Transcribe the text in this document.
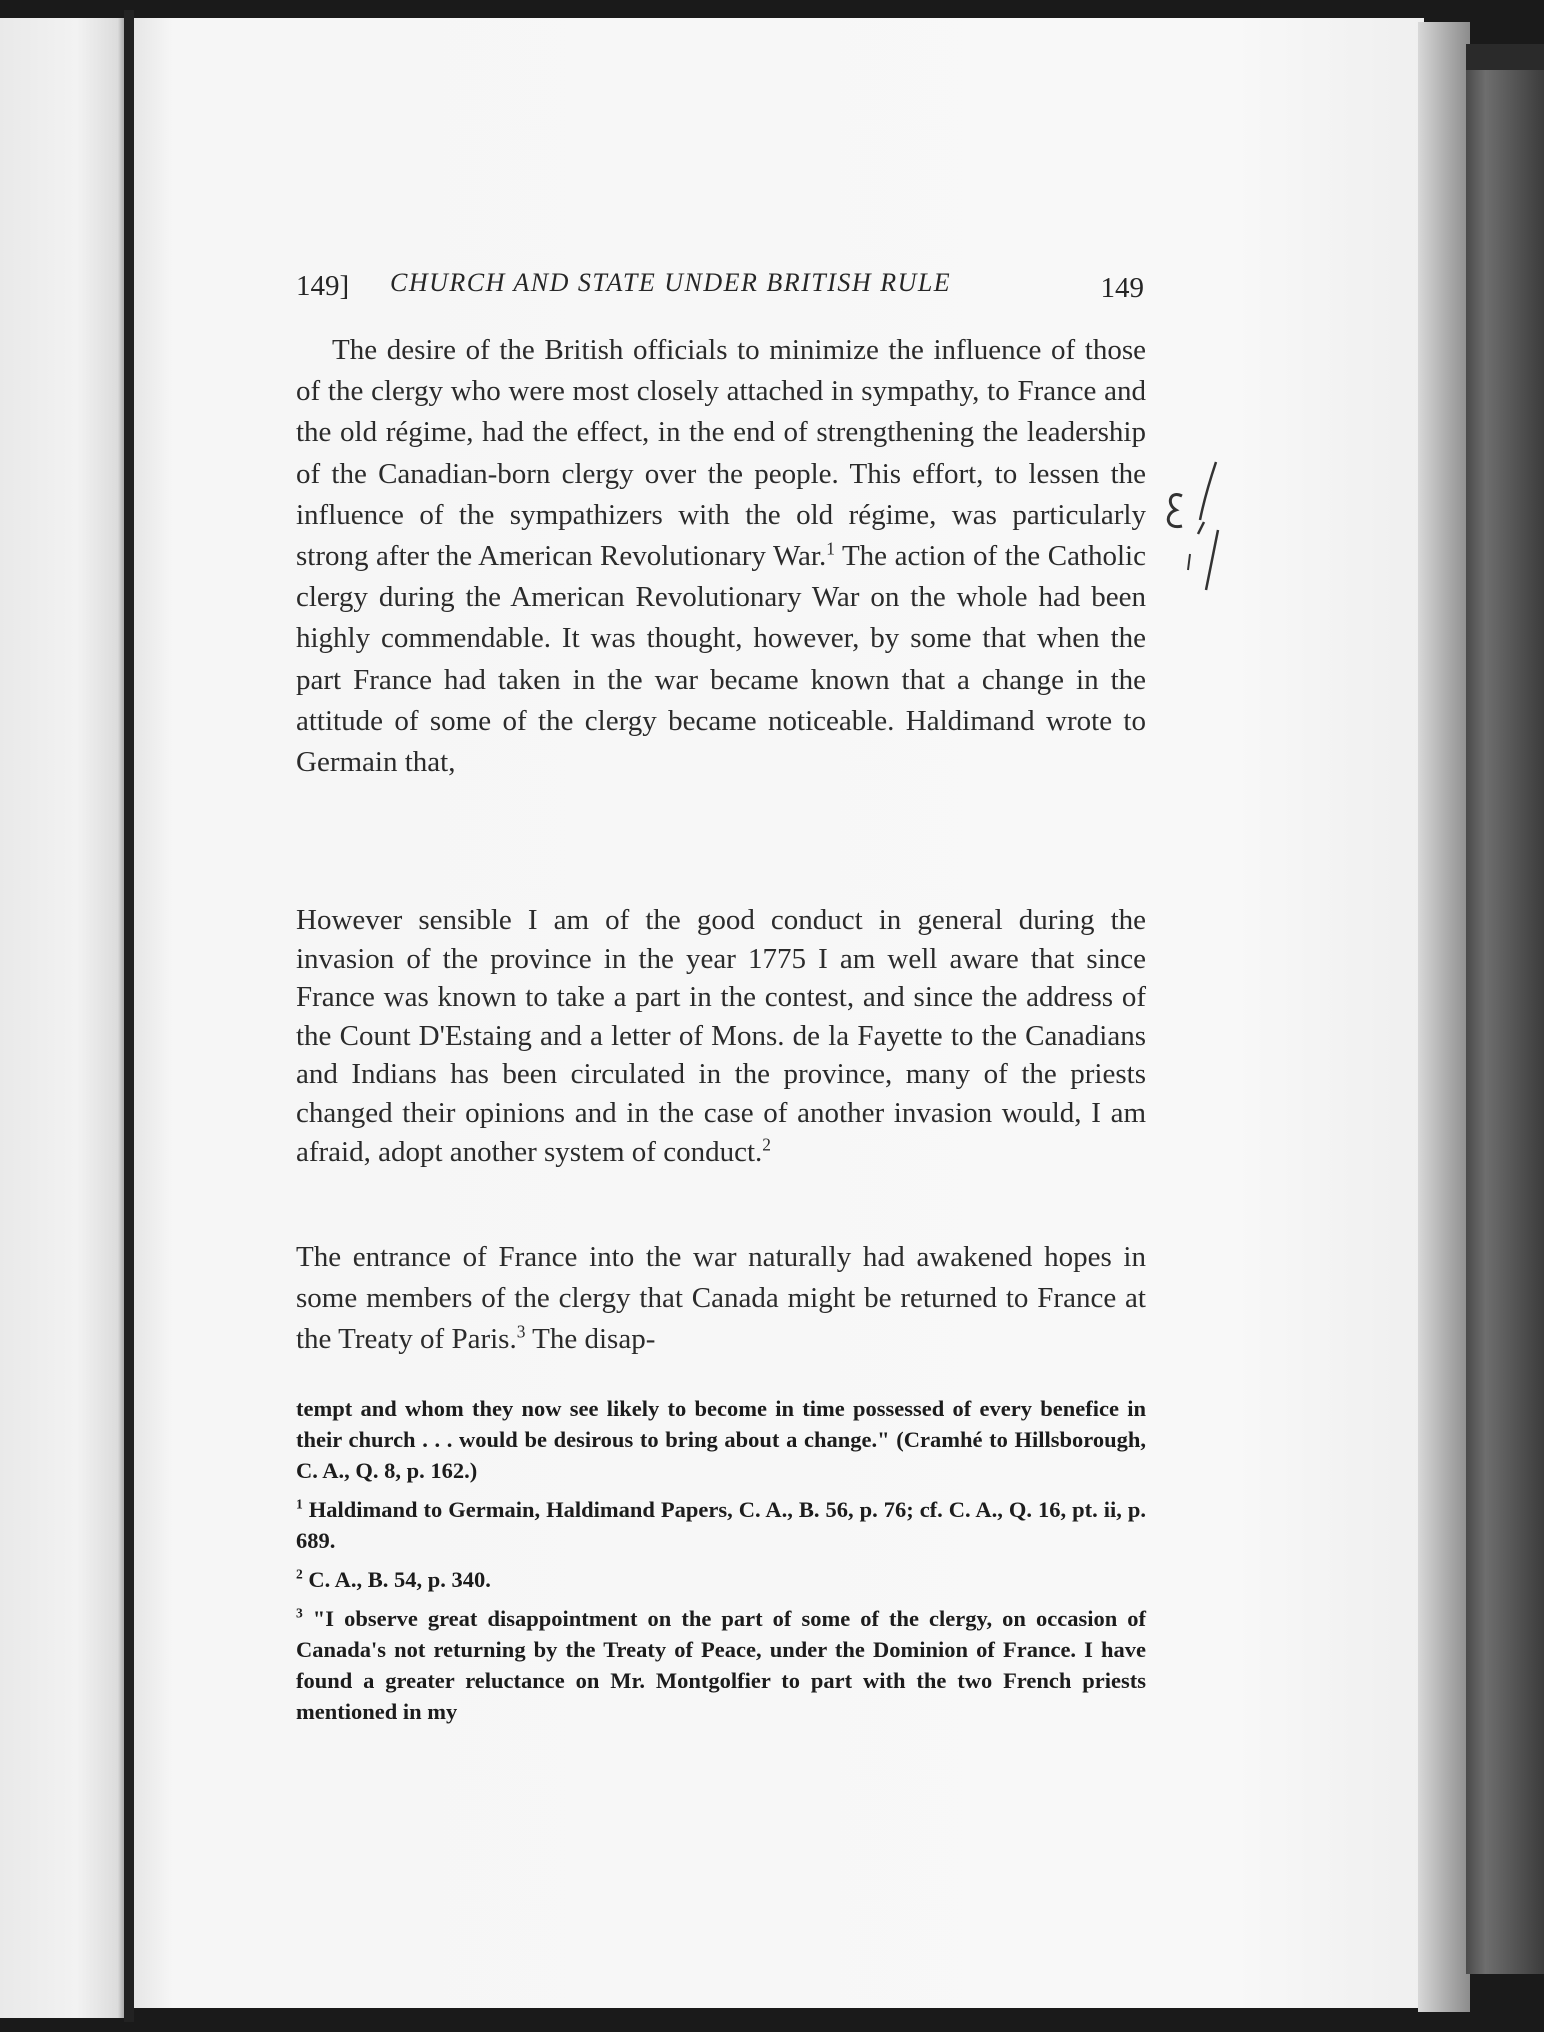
149] CHURCH AND STATE UNDER BRITISH RULE	149

The desire of the British officials to minimize the influence of those of the clergy who were most closely attached in sympathy, to France and the old régime, had the effect, in the end of strengthening the leadership of the Canadian-born clergy over the people. This effort, to lessen the influence of the sympathizers with the old régime, was particularly strong after the American Revolutionary War.$^1$ The action of the Catholic clergy during the American Revolutionary War on the whole had been highly commendable. It was thought, however, by some that when the part France had taken in the war became known that a change in the attitude of some of the clergy became noticeable. Haldimand wrote to Germain that,

However sensible I am of the good conduct in general during the invasion of the province in the year 1775 I am well aware that since France was known to take a part in the contest, and since the address of the Count D'Estaing and a letter of Mons. de la Fayette to the Canadians and Indians has been circulated in the province, many of the priests changed their opinions and in the case of another invasion would, I am afraid, adopt another system of conduct.$^2$

The entrance of France into the war naturally had awakened hopes in some members of the clergy that Canada might be returned to France at the Treaty of Paris.$^3$ The disap-

tempt and whom they now see likely to become in time possessed of every benefice in their church . . . would be desirous to bring about a change." (Cramhé to Hillsborough, C. A., Q. 8, p. 162.)

$^1$ Haldimand to Germain, Haldimand Papers, C. A., B. 56, p. 76; cf. C. A., Q. 16, pt. ii, p. 689.

$^2$ C. A., B. 54, p. 340.

$^3$ "I observe great disappointment on the part of some of the clergy, on occasion of Canada's not returning by the Treaty of Peace, under the Dominion of France. I have found a greater reluctance on Mr. Montgolfier to part with the two French priests mentioned in my
